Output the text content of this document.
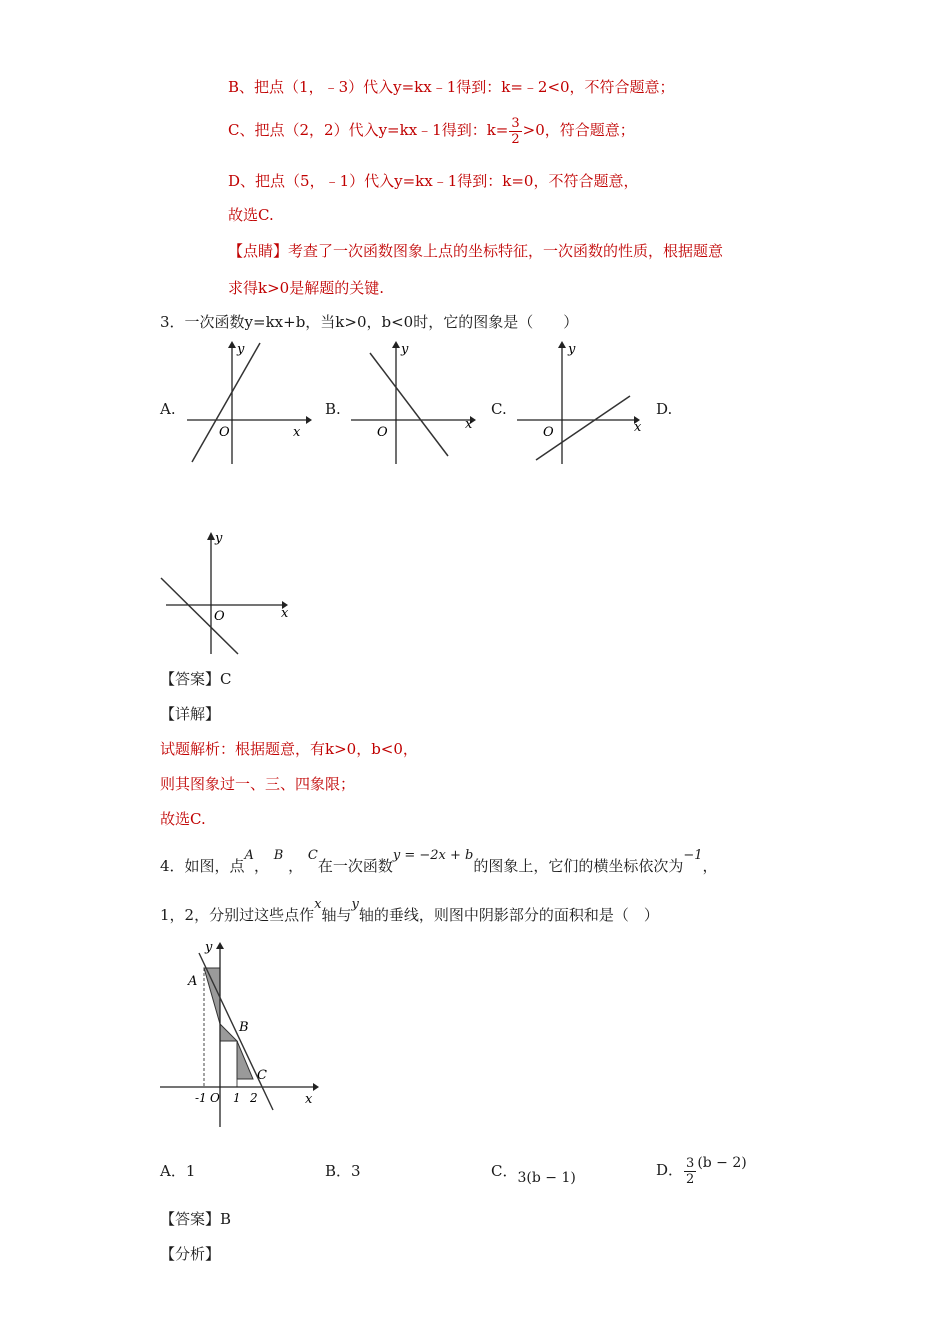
B、把点（1，﹣3）代入y=kx﹣1得到：k=﹣2<0，不符合题意；
C、把点（2，2）代入y=kx﹣1得到：$k= \frac{3}{2} >0$，符合题意；
D、把点（5，﹣1）代入y=kx﹣1得到：k=0，不符合题意，
故选C.
【点睛】考查了一次函数图象上点的坐标特征，一次函数的性质，根据题意
求得k>0是解题的关键.
3．一次函数y=kx+b，当k>0，b<0时，它的图象是（　　）
A.
O	x
y
B.
O
x
y
C.
O	x
y
D.
O	x
y
【答案】C
【详解】
试题解析：根据题意，有k>0，b<0，
则其图象过一、三、四象限；
故选C.
4．如图，点A， B ， C在一次函数y = −2x + b的图象上，它们的横坐标依次为−1，
1，2，分别过这些点作x轴与y轴的垂线，则图中阴影部分的面积和是（　）
y
x
A
B
C
-1 O 1 2
A．1	B．3	C．3(b − 1)	D． $\frac{3}{2} (b - 2)$
【答案】B
【分析】
